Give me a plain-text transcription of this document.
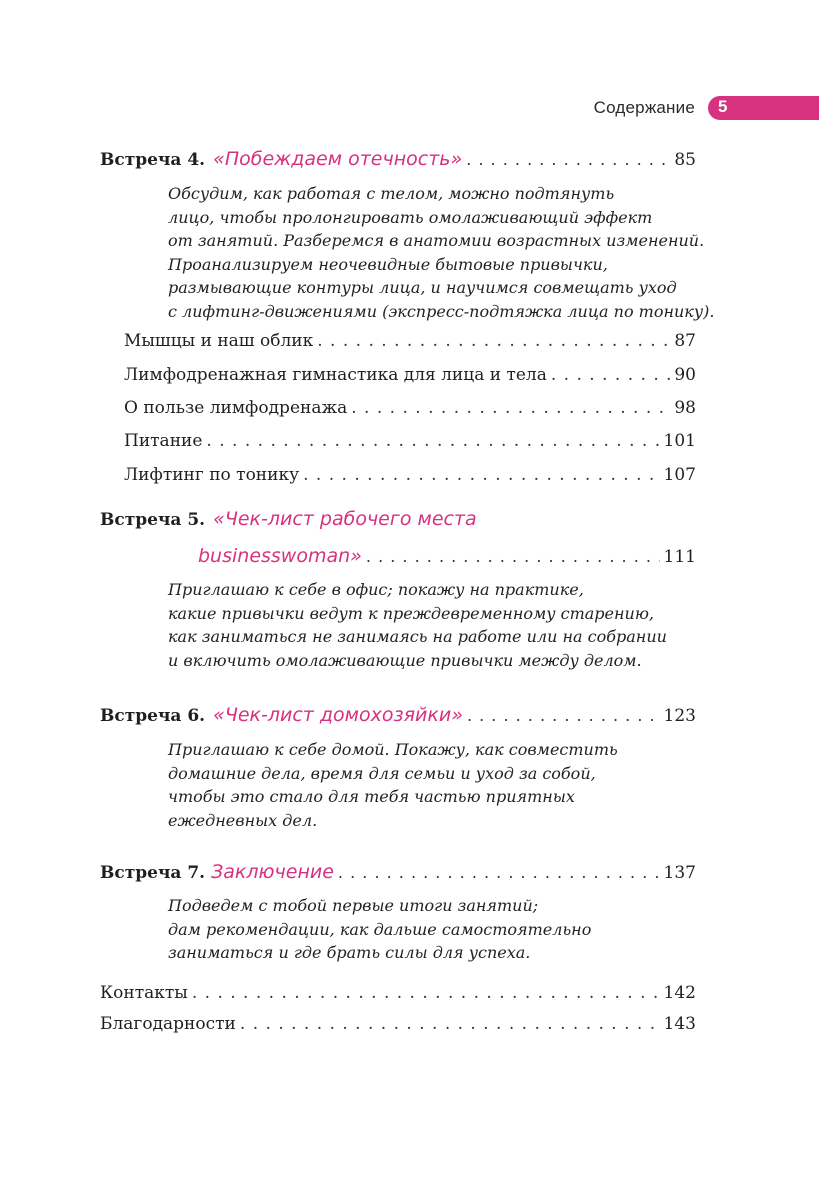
Содержание 5
Встреча 4. «Побеждаем отечность» . . .	85
Обсудим, как работая с телом, можно подтянуть
лицо, чтобы пролонгировать омолаживающий эффект
от занятий. Разберемся в анатомии возрастных изменений.
Проанализируем неочевидные бытовые привычки,
размывающие контуры лица, и научимся совмещать уход
с лифтинг-движениями (экспресс-подтяжка лица по тонику).
Мышцы и наш облик . . .	87
Лимфодренажная гимнастика для лица и тела . . .	90
О пользе лимфодренажа . . .	98
Питание . . .	101
Лифтинг по тонику . . .	107
Встреча 5. «Чек-лист рабочего места
businesswoman» . . .	111
Приглашаю к себе в офис; покажу на практике,
какие привычки ведут к преждевременному старению,
как заниматься не занимаясь на работе или на собрании
и включить омолаживающие привычки между делом.
Встреча 6. «Чек-лист домохозяйки» . . .	123
Приглашаю к себе домой. Покажу, как совместить
домашние дела, время для семьи и уход за собой,
чтобы это стало для тебя частью приятных
ежедневных дел.
Встреча 7. Заключение . . .	137
Подведем с тобой первые итоги занятий;
дам рекомендации, как дальше самостоятельно
заниматься и где брать силы для успеха.
Контакты . . .	142
Благодарности . . .	143
